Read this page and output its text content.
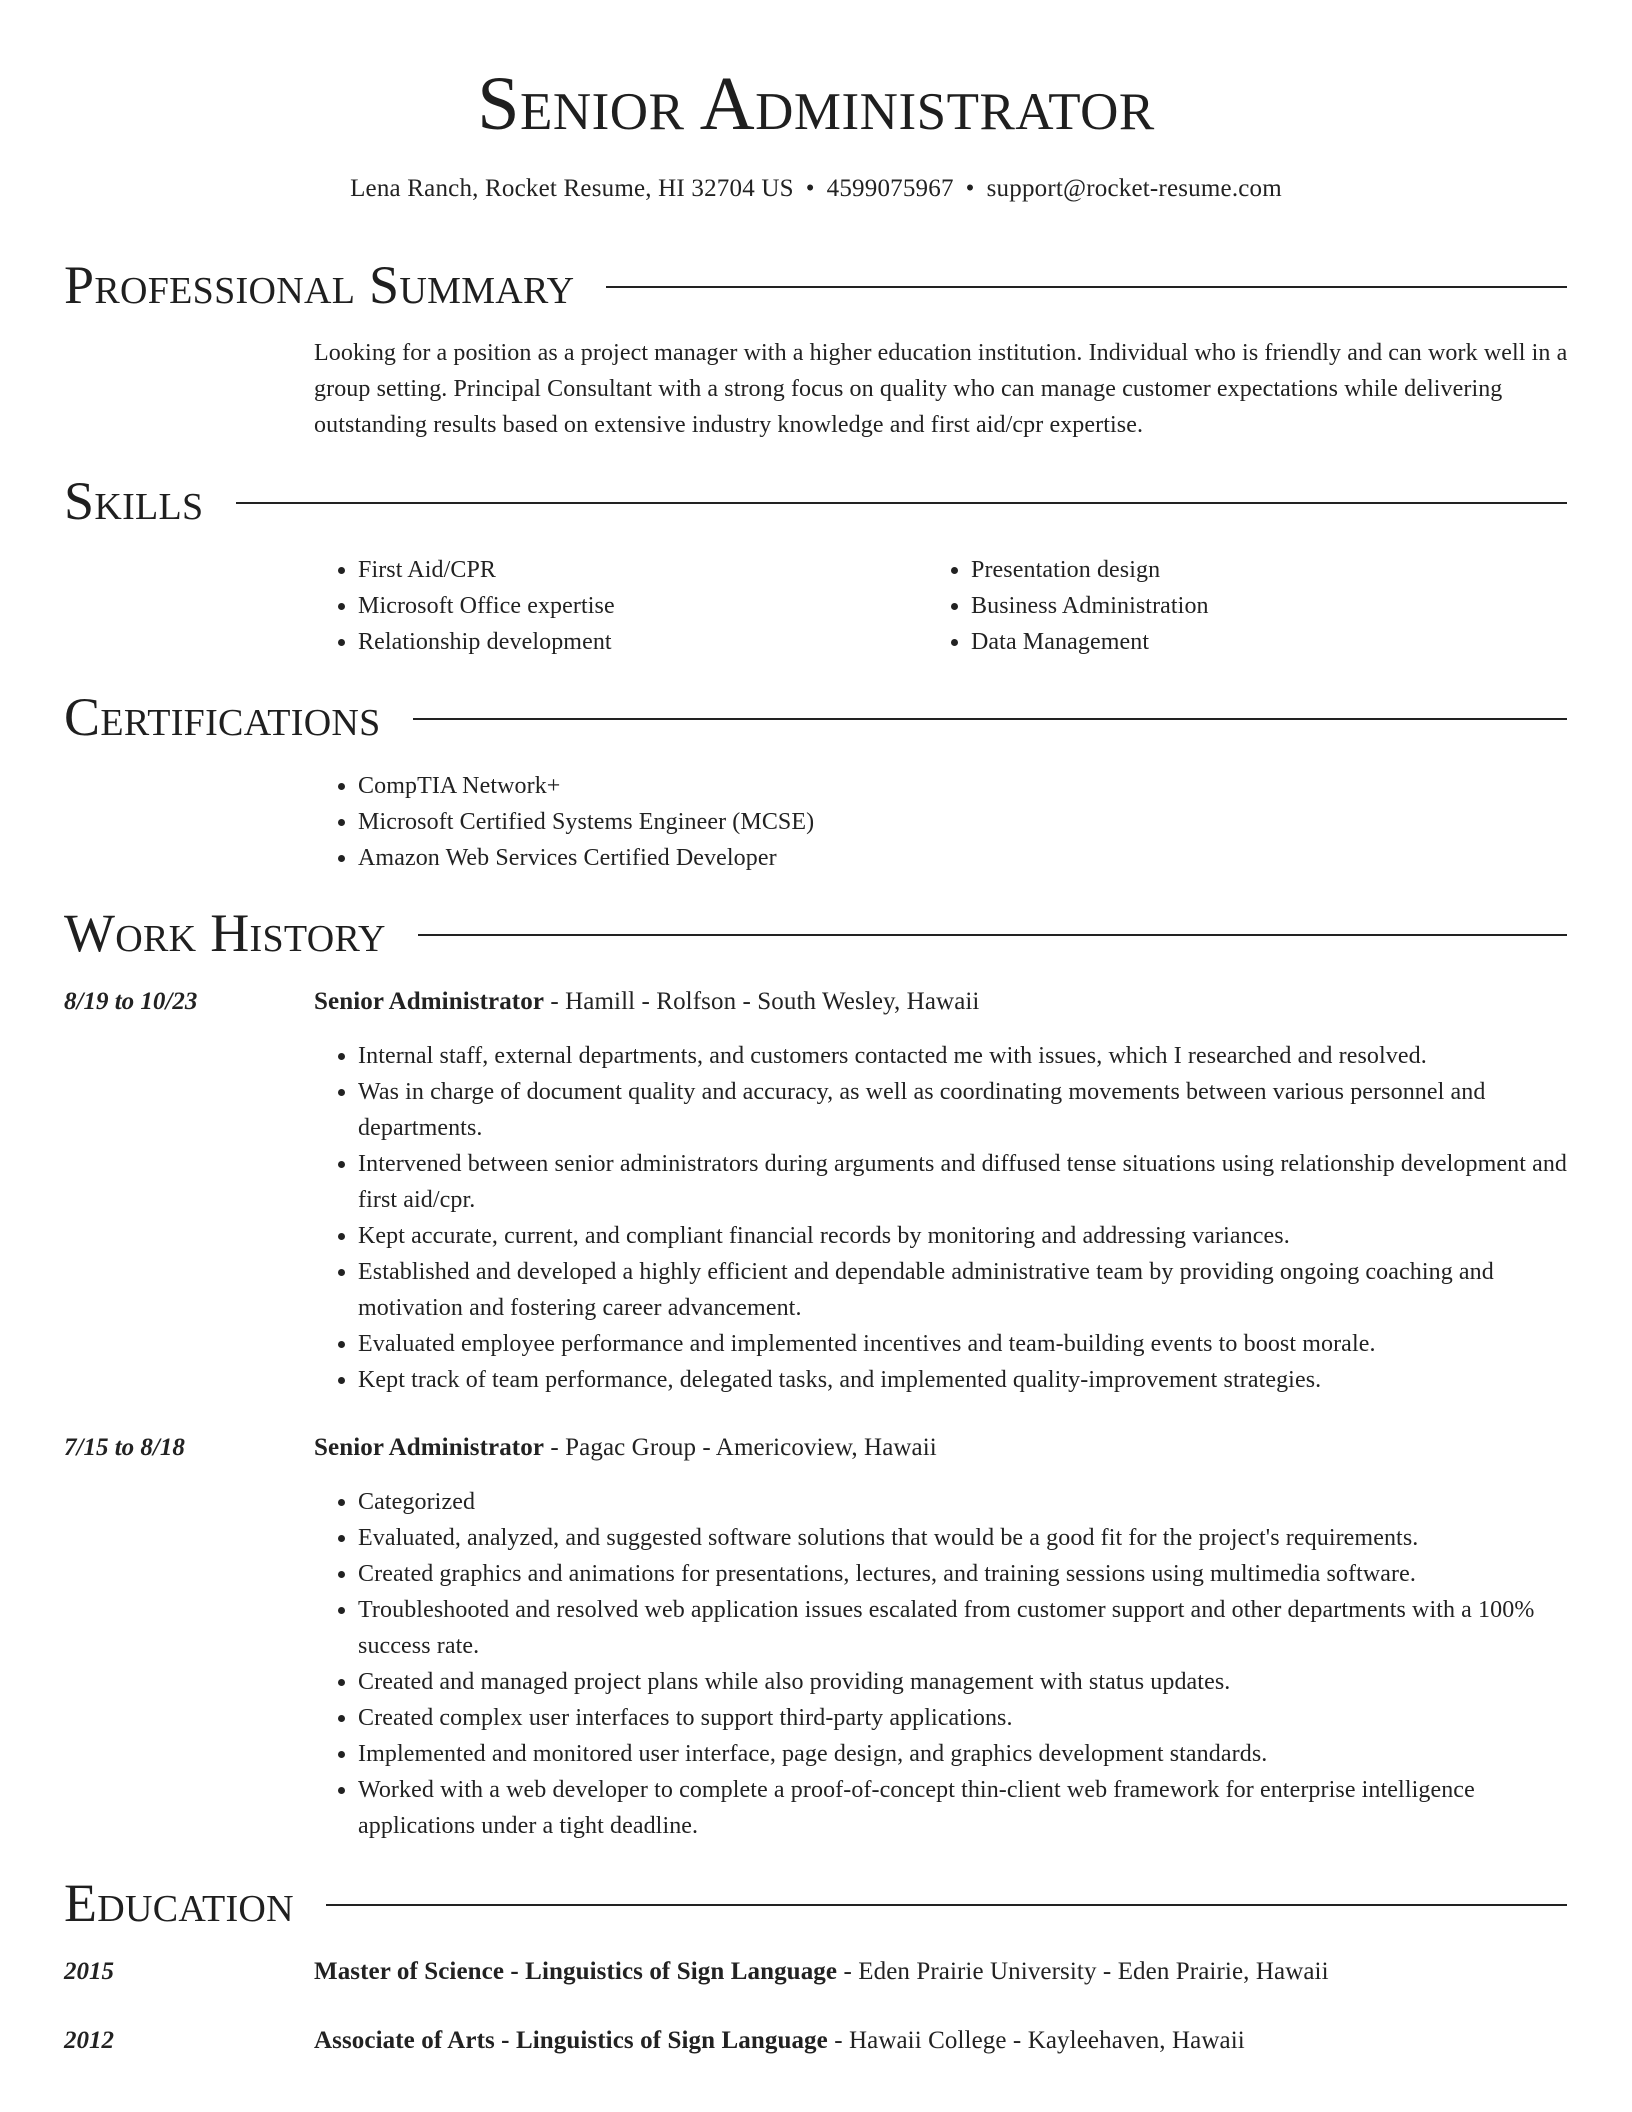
Senior Administrator
Lena Ranch, Rocket Resume, HI 32704 US • 4599075967 • support@rocket-resume.com
Professional Summary
Looking for a position as a project manager with a higher education institution. Individual who is friendly and can work well in a group setting. Principal Consultant with a strong focus on quality who can manage customer expectations while delivering outstanding results based on extensive industry knowledge and first aid/cpr expertise.
Skills
• First Aid/CPR
• Microsoft Office expertise
• Relationship development
• Presentation design
• Business Administration
• Data Management
Certifications
• CompTIA Network+
• Microsoft Certified Systems Engineer (MCSE)
• Amazon Web Services Certified Developer
Work History
8/19 to 10/23	Senior Administrator - Hamill - Rolfson - South Wesley, Hawaii
• Internal staff, external departments, and customers contacted me with issues, which I researched and resolved.
• Was in charge of document quality and accuracy, as well as coordinating movements between various personnel and departments.
• Intervened between senior administrators during arguments and diffused tense situations using relationship development and first aid/cpr.
• Kept accurate, current, and compliant financial records by monitoring and addressing variances.
• Established and developed a highly efficient and dependable administrative team by providing ongoing coaching and motivation and fostering career advancement.
• Evaluated employee performance and implemented incentives and team-building events to boost morale.
• Kept track of team performance, delegated tasks, and implemented quality-improvement strategies.
7/15 to 8/18	Senior Administrator - Pagac Group - Americoview, Hawaii
• Categorized
• Evaluated, analyzed, and suggested software solutions that would be a good fit for the project's requirements.
• Created graphics and animations for presentations, lectures, and training sessions using multimedia software.
• Troubleshooted and resolved web application issues escalated from customer support and other departments with a 100% success rate.
• Created and managed project plans while also providing management with status updates.
• Created complex user interfaces to support third-party applications.
• Implemented and monitored user interface, page design, and graphics development standards.
• Worked with a web developer to complete a proof-of-concept thin-client web framework for enterprise intelligence applications under a tight deadline.
Education
2015	Master of Science - Linguistics of Sign Language - Eden Prairie University - Eden Prairie, Hawaii
2012	Associate of Arts - Linguistics of Sign Language - Hawaii College - Kayleehaven, Hawaii
